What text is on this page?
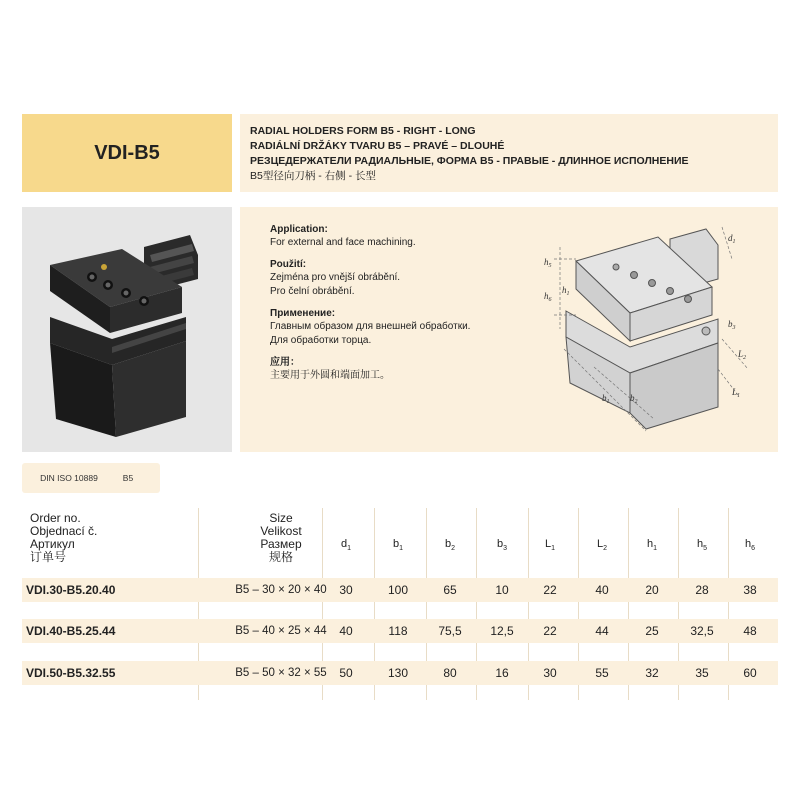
VDI-B5
RADIAL HOLDERS FORM B5 - RIGHT - LONG
RADIÁLNÍ DRŽÁKY TVARU B5 – PRAVÉ – DLOUHÉ
РЕЗЦЕДЕРЖАТЕЛИ РАДИАЛЬНЫЕ, ФОРМА B5 - ПРАВЫЕ - ДЛИННОЕ ИСПОЛНЕНИЕ
B5型径向刀柄 - 右侧 - 长型
Application:
For external and face machining.
Použití:
Zejména pro vnější obrábění.
Pro čelní obrábění.
Применение:
Главным образом для внешней обработки.
Для обработки торца.
应用：
主要用于外圆和端面加工。
$d_1$
$h_5$
$h_1$
$h_6$
$b_3$
$L_2$
$L_1$
$b_2$
$b_1$
B5
DIN ISO 10889
Order no.
Objednací č.
Артикул
订单号
Size
Velikost
Размер
规格
$d_1$	$b_1$	$b_2$	$b_3$	$L_1$	$L_2$	$h_1$	$h_5$	$h_6$
VDI.30-B5.20.40	B5 – 30 × 20 × 40	30	100	65	10	22	40	20	28	38
VDI.40-B5.25.44	B5 – 40 × 25 × 44	40	118	75,5	12,5	22	44	25	32,5	48
VDI.50-B5.32.55	B5 – 50 × 32 × 55	50	130	80	16	30	55	32	35	60
